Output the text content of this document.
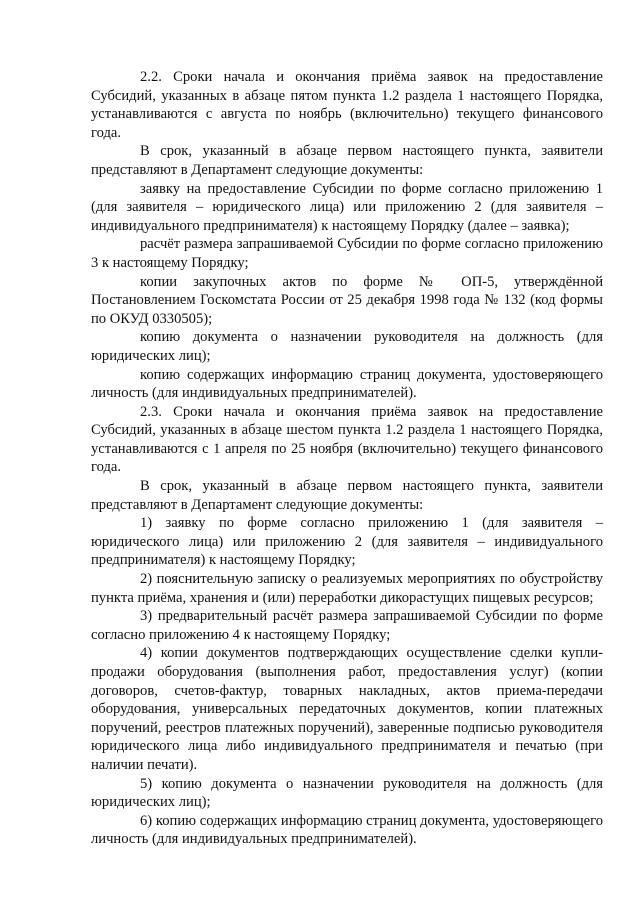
2.2. Сроки начала и окончания приёма заявок на предоставление Субсидий, указанных в абзаце пятом пункта 1.2 раздела 1 настоящего Порядка, устанавливаются с августа по ноябрь (включительно) текущего финансового года.

В срок, указанный в абзаце первом настоящего пункта, заявители представляют в Департамент следующие документы:

заявку на предоставление Субсидии по форме согласно приложению 1 (для заявителя – юридического лица) или приложению 2 (для заявителя – индивидуального предпринимателя) к настоящему Порядку (далее – заявка);

расчёт размера запрашиваемой Субсидии по форме согласно приложению 3 к настоящему Порядку;

копии закупочных актов по форме № ОП-5, утверждённой Постановлением Госкомстата России от 25 декабря 1998 года № 132 (код формы по ОКУД 0330505);

копию документа о назначении руководителя на должность (для юридических лиц);

копию содержащих информацию страниц документа, удостоверяющего личность (для индивидуальных предпринимателей).

2.3. Сроки начала и окончания приёма заявок на предоставление Субсидий, указанных в абзаце шестом пункта 1.2 раздела 1 настоящего Порядка, устанавливаются с 1 апреля по 25 ноября (включительно) текущего финансового года.

В срок, указанный в абзаце первом настоящего пункта, заявители представляют в Департамент следующие документы:

1) заявку по форме согласно приложению 1 (для заявителя – юридического лица) или приложению 2 (для заявителя – индивидуального предпринимателя) к настоящему Порядку;

2) пояснительную записку о реализуемых мероприятиях по обустройству пункта приёма, хранения и (или) переработки дикорастущих пищевых ресурсов;

3) предварительный расчёт размера запрашиваемой Субсидии по форме согласно приложению 4 к настоящему Порядку;

4) копии документов подтверждающих осуществление сделки купли-продажи оборудования (выполнения работ, предоставления услуг) (копии договоров, счетов-фактур, товарных накладных, актов приема-передачи оборудования, универсальных передаточных документов, копии платежных поручений, реестров платежных поручений), заверенные подписью руководителя юридического лица либо индивидуального предпринимателя и печатью (при наличии печати).

5) копию документа о назначении руководителя на должность (для юридических лиц);

6) копию содержащих информацию страниц документа, удостоверяющего личность (для индивидуальных предпринимателей).
